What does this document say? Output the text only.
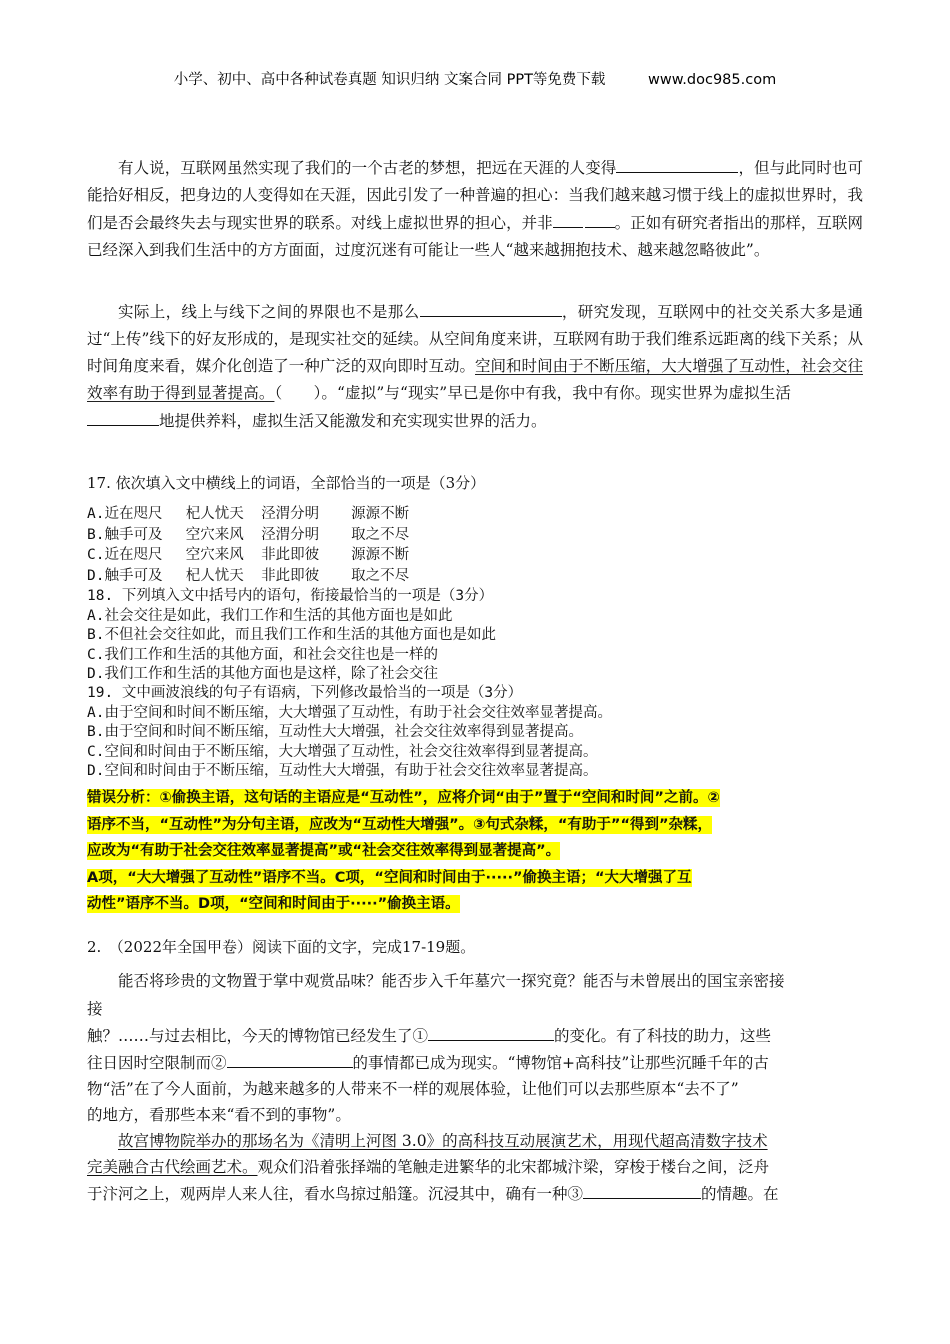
小学、初中、高中各种试卷真题 知识归纳 文案合同 PPT等免费下载	www.doc985.com
有人说，互联网虽然实现了我们的一个古老的梦想，把远在天涯的人变得	，但与此同时也可能拾好相反，把身边的人变得如在天涯，因此引发了一种普遍的担心：当我们越来越习惯于线上的虚拟世界时，我们是否会最终失去与现实世界的联系。对线上虚拟世界的担心，并非	。正如有研究者指出的那样，互联网已经深入到我们生活中的方方面面，过度沉迷有可能让一些人“越来越拥抱技术、越来越忽略彼此”。
实际上，线上与线下之间的界限也不是那么	，研究发现，互联网中的社交关系大多是通过“上传”线下的好友形成的，是现实社交的延续。从空间角度来讲，互联网有助于我们维系远距离的线下关系；从时间角度来看，媒介化创造了一种广泛的双向即时互动。空间和时间由于不断压缩，大大增强了互动性，社会交往效率有助于得到显著提高。（　　）。“虚拟”与“现实”早已是你中有我，我中有你。现实世界为虚拟生活地提供养料，虚拟生活又能激发和充实现实世界的活力。
17. 依次填入文中横线上的词语，全部恰当的一项是（3分）
A.近在咫尺　 杞人忧天  泾渭分明　  源源不断
B.触手可及　 空穴来风  泾渭分明　  取之不尽
C.近在咫尺　 空穴来风  非此即彼　  源源不断
D.触手可及　 杞人忧天  非此即彼　  取之不尽
18. 下列填入文中括号内的语句，衔接最恰当的一项是（3分）
A.社会交往是如此，我们工作和生活的其他方面也是如此
B.不但社会交往如此，而且我们工作和生活的其他方面也是如此
C.我们工作和生活的其他方面，和社会交往也是一样的
D.我们工作和生活的其他方面也是这样，除了社会交往
19. 文中画波浪线的句子有语病，下列修改最恰当的一项是（3分）
A.由于空间和时间不断压缩，大大增强了互动性，有助于社会交往效率显著提高。
B.由于空间和时间不断压缩，互动性大大增强，社会交往效率得到显著提高。
C.空间和时间由于不断压缩，大大增强了互动性，社会交往效率得到显著提高。
D.空间和时间由于不断压缩，互动性大大增强，有助于社会交往效率显著提高。
错误分析：①偷换主语，这句话的主语应是“互动性”，应将介词“由于”置于“空间和时间”之前。②
语序不当，“互动性”为分句主语，应改为“互动性大增强”。③句式杂糅，“有助于”“得到”杂糅，
应改为“有助于社会交往效率显著提高”或“社会交往效率得到显著提高”。
A项，“大大增强了互动性”语序不当。C项，“空间和时间由于·····”偷换主语；“大大增强了互
动性”语序不当。D项，“空间和时间由于·····”偷换主语。
2.　（2022年全国甲卷）阅读下面的文字，完成17-19题。
能否将珍贵的文物置于掌中观赏品味？能否步入千年墓穴一探究竟？能否与未曾展出的国宝亲密接
接
触？……与过去相比，今天的博物馆已经发生了①	的变化。有了科技的助力，这些
往日因时空限制而②	的事情都已成为现实。“博物馆+高科技”让那些沉睡千年的古
物“活”在了今人面前，为越来越多的人带来不一样的观展体验，让他们可以去那些原本“去不了”
的地方，看那些本来“看不到的事物”。
故宫博物院举办的那场名为《清明上河图 3.0》的高科技互动展演艺术，用现代超高清数字技术
完美融合古代绘画艺术。观众们沿着张择端的笔触走进繁华的北宋都城汴梁，穿梭于楼台之间，泛舟
于汴河之上，观两岸人来人往，看水鸟掠过船篷。沉浸其中，确有一种③	的情趣。在
